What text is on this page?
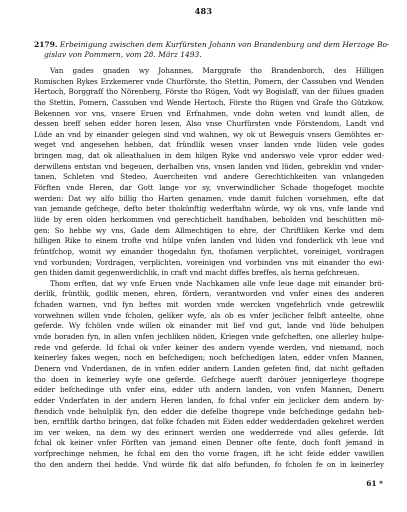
483

2179. Erbeinigung zwischen dem Kurfürsten Johann von Brandenburg und dem Herzoge Bo-
gislav von Pommern, vom 28. März 1493.
Van gades gnaden wy Johannes, Marggrafe tho Brandenborch, des Hilligen
Romischen Rykes Erzkemerer vnde Churförste, tho Stettin, Pomern, der Cassuben vnd Wenden
Hertoch, Borggraff tho Nörenberg, Förste tho Rügen, Vodt wy Bogislaff, van der fülues gnaden
tho Stettin, Pomern, Cassuben vnd Wende Hertoch, Förste tho Rügen vnd Grafe tho Gützkow,
Bekennen vor vns, vnsere Eruen vnd Erfnahmen, vnde dohn weten vnd kundt allen, de
dessen breff sehen edder horen lesen, Also vnse Churfürsten vnde Förstendom, Landt vnd
Lüde an vnd by einander gelegen sind vnd wahnen, wy ok ut Beweguis vnsers Gemöhtes er-
weget vnd angesehen hebben, dat fründlik wesen vnser landen vnde lüden vele godes
bringen mag, dat ok alleathaluen in dem hilgen Ryke vnd anderswo vele vpror edder wed-
derwillens entstan vnd begeuen, derhalben vns, vnsen landen vnd lüden, gebreklin vnd vnder-
tanen, Schleten vnd Stedeo, Auercheiten vnd andere Gerechtichkeiten van vnlangeden
Förften vnde Heren, dar Gott lange vor sy, vnverwindlicher Schade thogefoget mochte
werden: Dat wy alfo billig tho Harten genamen, vnde damit fulchen vorsehmen, efte dat
van jemande gefchege, defto beter thokünftig wederftahn würde, wy ok vns, vnfe lande vnd
lüde by eren olden herkommen vnd gerechtichelt handhaben, beholden vnd beschütten mö-
gen: So hebbe wy vns, Gade dem Allmechtigen to ehre, der Chriftliken Kerke vnd dem
hilligen Rike to einem trofte vnd hülpe vnfen landen vnd lüden vnd fonderlick vth leue vnd
früntfchop, womit wy einander thogedahn fyn, thofamen verplichtet, voreiniget, vordragen
vnd vorbunden; Vordragen, verplichten, voreinigen vnd vorbinden vns mit einander tho ewi-
gen thiden damit gegenwerdichlik, in craft vnd macht diffes breffes, als herna gefchreuen.
Thom erften, dat wy vnfe Eruen vnde Nachkamen alle vnfe leue dage mit einander brö-
derlik, früntlik, godlik menen, ehren, fördern, verantworden vnd vnfer eines des anderen
fchaden warnen, vnd fyn beftes mit worden vnde wercken vngefehrlich vnde getrewlik
vorwehnen willen vnde fcholen, geliker wyfe, als ob es vnfer jeclicher felbft anteelte, ohne
geferde. Wy fchölen vnde willen ok einander mit lief vnd gut, lande vnd lüde behulpen
vnde boraden fyn, in allen vnfen jechliken nöden, Kriegen vnde gefcheften, one allerley hulpe-
rede vnd geferde. Id fchal ok vnfer keiner des andern vyende werden, vnd niemand, noch
keinerley fakes wegen, noch en befchedigen; noch befchedigen laten, edder vnfen Mannen,
Denern vnd Vnderdanen, de in vnfen edder andern Landen gefeten find, dat nicht geftaden
tho doen in keinerley wyfe one geferde. Gefchege auerft daröuer jennigerleye thogrepe
edder befchedinge uth vnfer eins, edder uth andern landen, von vnfen Mannen, Denern
edder Vnderfaten in der andern Heren landen, fo fchal vnfer ein jeclicker dem andern by-
ftendich vnde behulplik fyn, den edder die defelbe thogrepe vnde befchedinge gedahn heb-
ben, ernftlik dartho bringen, dat folke fchaden mit Eiden edder wedderdaden gekehret werden
im ver weken, na dem wy des erinnert werden one wedderrede vnd alles geferde. Idt
fchal ok keiner vnfer Förften van jemand einen Denner ofte fente, doch fonft jemand in
vorfprechinge nehmen, he fchal em den tho vorne fragen, ift he icht feide edder vawillen
tho den andern thei hedde. Vnd würde fik dat alfo befunden, fo fcholen fe on in keinerley

61 *
